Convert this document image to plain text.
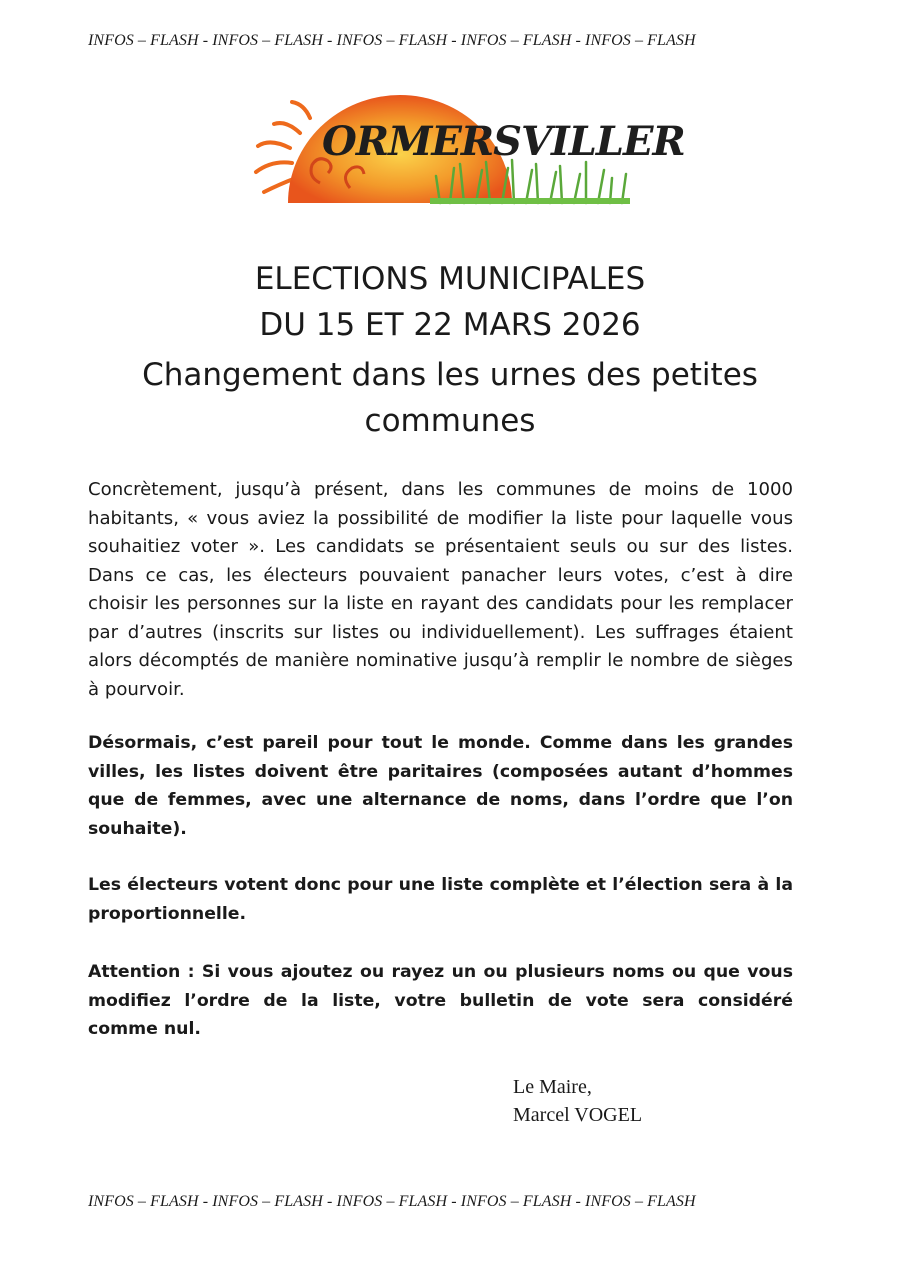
INFOS – FLASH - INFOS – FLASH - INFOS – FLASH - INFOS – FLASH - INFOS – FLASH
ORMERSVILLER
ELECTIONS MUNICIPALES
DU 15 ET 22 MARS 2026
Changement dans les urnes des petites
communes

Concrètement, jusqu’à présent, dans les communes de moins de 1000 habitants, « vous aviez la possibilité de modifier la liste pour laquelle vous souhaitiez voter ». Les candidats se présentaient seuls ou sur des listes. Dans ce cas, les électeurs pouvaient panacher leurs votes, c’est à dire choisir les personnes sur la liste en rayant des candidats pour les remplacer par d’autres (inscrits sur listes ou individuellement). Les suffrages étaient alors décomptés de manière nominative jusqu’à remplir le nombre de sièges à pourvoir.

Désormais, c’est pareil pour tout le monde. Comme dans les grandes villes, les listes doivent être paritaires (composées autant d’hommes que de femmes, avec une alternance de noms, dans l’ordre que l’on souhaite).

Les électeurs votent donc pour une liste complète et l’élection sera à la proportionnelle.

Attention : Si vous ajoutez ou rayez un ou plusieurs noms ou que vous modifiez l’ordre de la liste, votre bulletin de vote sera considéré comme nul.

Le Maire,
Marcel VOGEL
INFOS – FLASH - INFOS – FLASH - INFOS – FLASH - INFOS – FLASH - INFOS – FLASH
